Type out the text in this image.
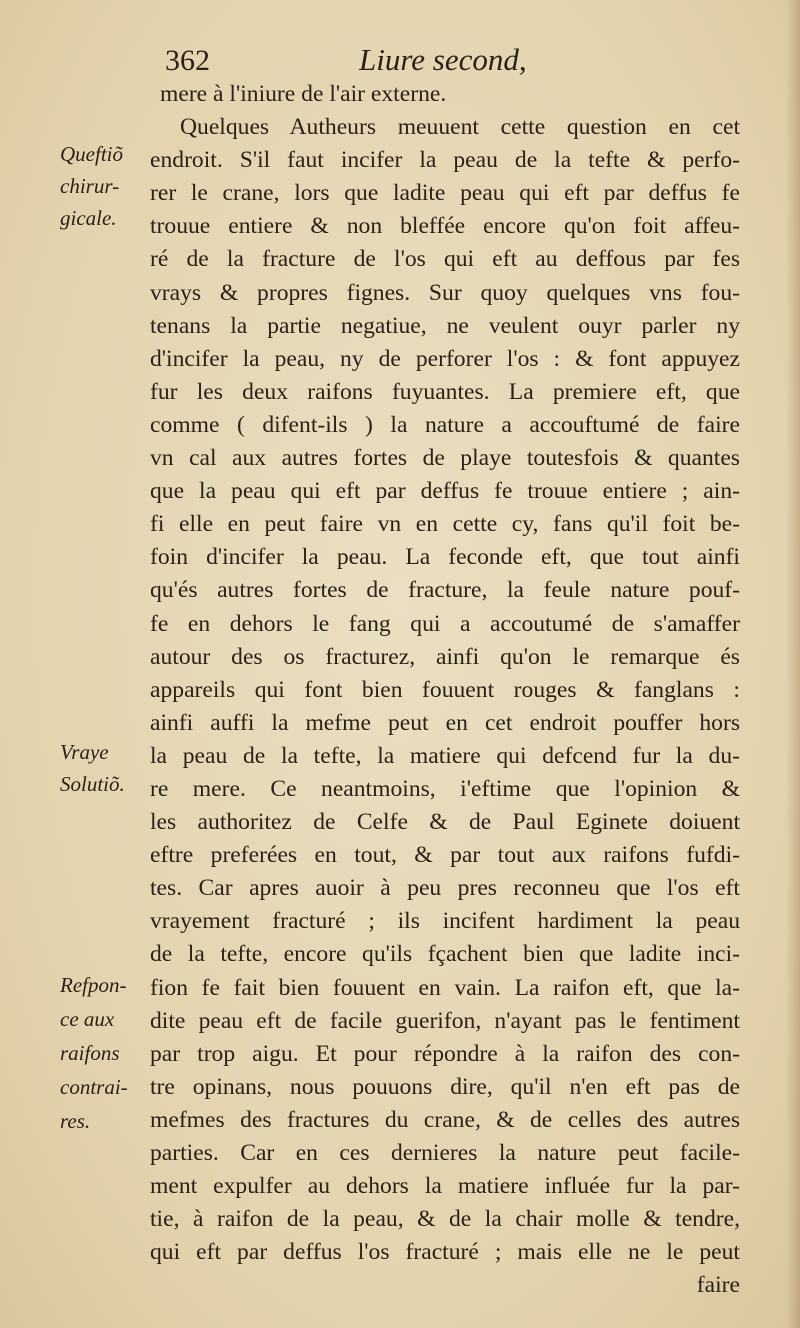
362	Liure second,
Queftiõ
chirur-
gicale.
Vraye
Solutiõ.
Refpon-
ce aux
raifons
contrai-
res.
mere à l'iniure de l'air externe.
Quelques Autheurs meuuent cette question en cet
endroit. S'il faut incifer la peau de la tefte & perfo-
rer le crane, lors que ladite peau qui eft par deffus fe
trouue entiere & non bleffée encore qu'on foit affeu-
ré de la fracture de l'os qui eft au deffous par fes
vrays & propres fignes. Sur quoy quelques vns fou-
tenans la partie negatiue, ne veulent ouyr parler ny
d'incifer la peau, ny de perforer l'os : & font appuyez
fur les deux raifons fuyuantes. La premiere eft, que
comme ( difent-ils ) la nature a accouftumé de faire
vn cal aux autres fortes de playe toutesfois & quantes
que la peau qui eft par deffus fe trouue entiere ; ain-
fi elle en peut faire vn en cette cy, fans qu'il foit be-
foin d'incifer la peau. La feconde eft, que tout ainfi
qu'és autres fortes de fracture, la feule nature pouf-
fe en dehors le fang qui a accoutumé de s'amaffer
autour des os fracturez, ainfi qu'on le remarque és
appareils qui font bien fouuent rouges & fanglans :
ainfi auffi la mefme peut en cet endroit pouffer hors
la peau de la tefte, la matiere qui defcend fur la du-
re mere. Ce neantmoins, i'eftime que l'opinion &
les authoritez de Celfe & de Paul Eginete doiuent
eftre preferées en tout, & par tout aux raifons fufdi-
tes. Car apres auoir à peu pres reconneu que l'os eft
vrayement fracturé ; ils incifent hardiment la peau
de la tefte, encore qu'ils fçachent bien que ladite inci-
fion fe fait bien fouuent en vain. La raifon eft, que la-
dite peau eft de facile guerifon, n'ayant pas le fentiment
par trop aigu. Et pour répondre à la raifon des con-
tre opinans, nous pouuons dire, qu'il n'en eft pas de
mefmes des fractures du crane, & de celles des autres
parties. Car en ces dernieres la nature peut facile-
ment expulfer au dehors la matiere influée fur la par-
tie, à raifon de la peau, & de la chair molle & tendre,
qui eft par deffus l'os fracturé ; mais elle ne le peut
faire
